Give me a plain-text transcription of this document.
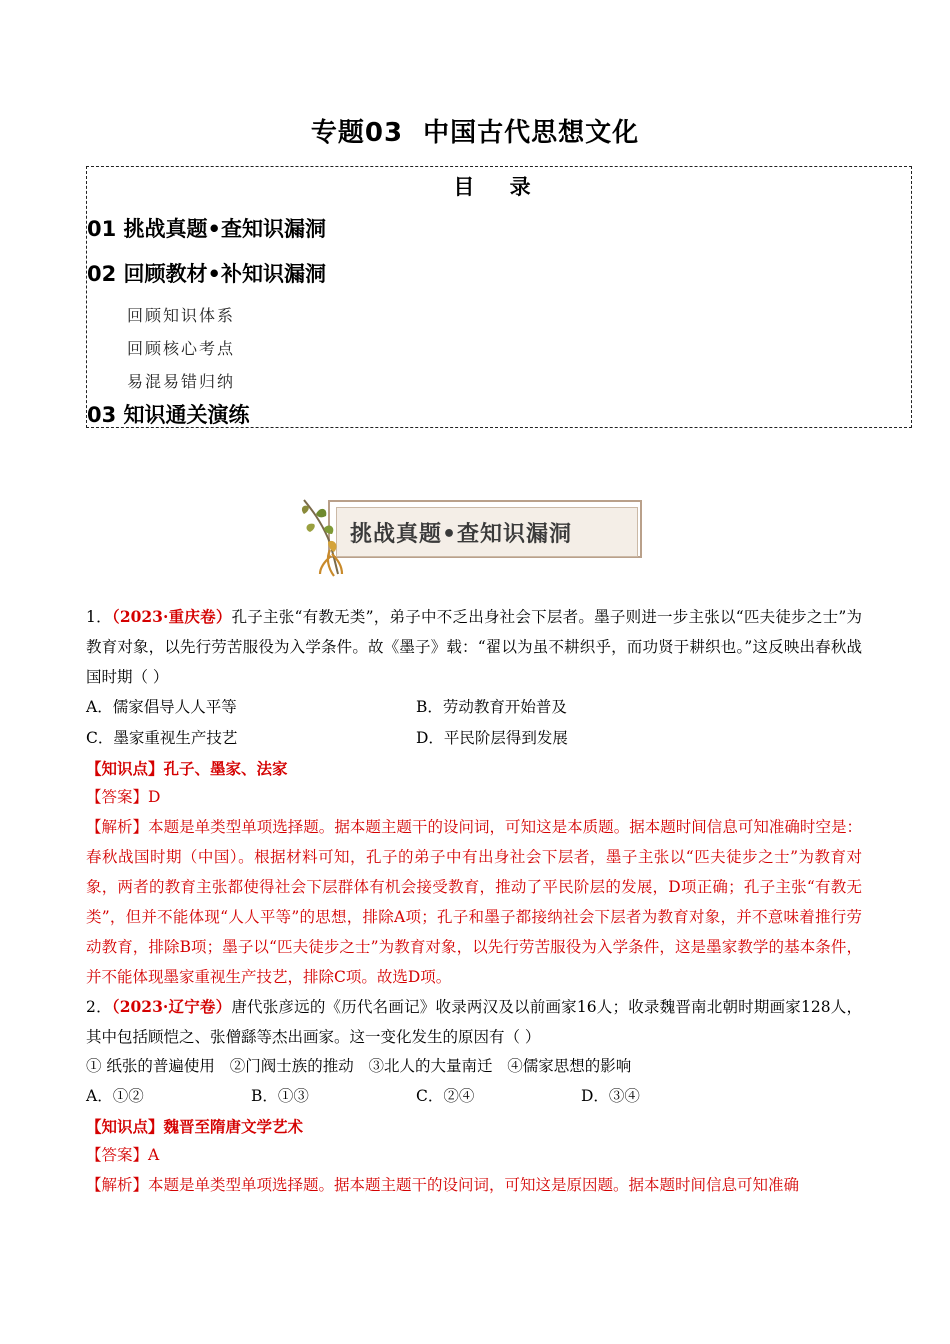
专题03 中国古代思想文化
目 录
01 挑战真题•查知识漏洞
02 回顾教材•补知识漏洞
回顾知识体系
回顾核心考点
易混易错归纳
03 知识通关演练
挑战真题•查知识漏洞
1．（2023·重庆卷）孔子主张“有教无类”，弟子中不乏出身社会下层者。墨子则进一步主张以“匹夫徒步之士”为教育对象，以先行劳苦服役为入学条件。故《墨子》载：“翟以为虽不耕织乎，而功贤于耕织也。”这反映出春秋战国时期（ ）
A．儒家倡导人人平等	B．劳动教育开始普及
C．墨家重视生产技艺	D．平民阶层得到发展
【知识点】孔子、墨家、法家
【答案】D
【解析】本题是单类型单项选择题。据本题主题干的设问词，可知这是本质题。据本题时间信息可知准确时空是：春秋战国时期（中国）。根据材料可知，孔子的弟子中有出身社会下层者，墨子主张以“匹夫徒步之士”为教育对象，两者的教育主张都使得社会下层群体有机会接受教育，推动了平民阶层的发展，D项正确；孔子主张“有教无类”，但并不能体现“人人平等”的思想，排除A项；孔子和墨子都接纳社会下层者为教育对象，并不意味着推行劳动教育，排除B项；墨子以“匹夫徒步之士”为教育对象，以先行劳苦服役为入学条件，这是墨家教学的基本条件，并不能体现墨家重视生产技艺，排除C项。故选D项。
2．（2023·辽宁卷）唐代张彦远的《历代名画记》收录两汉及以前画家16人；收录魏晋南北朝时期画家128人，其中包括顾恺之、张僧繇等杰出画家。这一变化发生的原因有（ ）
① 纸张的普遍使用   ②门阀士族的推动   ③北人的大量南迁   ④儒家思想的影响
A．①②	B．①③	C．②④	D．③④
【知识点】魏晋至隋唐文学艺术
【答案】A
【解析】本题是单类型单项选择题。据本题主题干的设问词，可知这是原因题。据本题时间信息可知准确
